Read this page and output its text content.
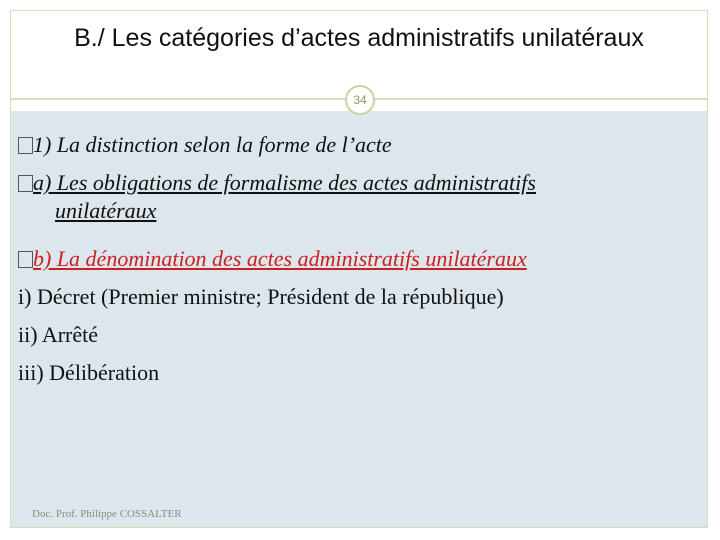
B./ Les catégories d’actes administratifs unilatéraux
34
1) La distinction selon la forme de l’acte
a) Les obligations de formalisme des actes administratifs
unilatéraux
b) La dénomination des actes administratifs unilatéraux
i) Décret (Premier ministre; Président de la république)
ii) Arrêté
iii) Délibération
Doc. Prof. Philippe COSSALTER
